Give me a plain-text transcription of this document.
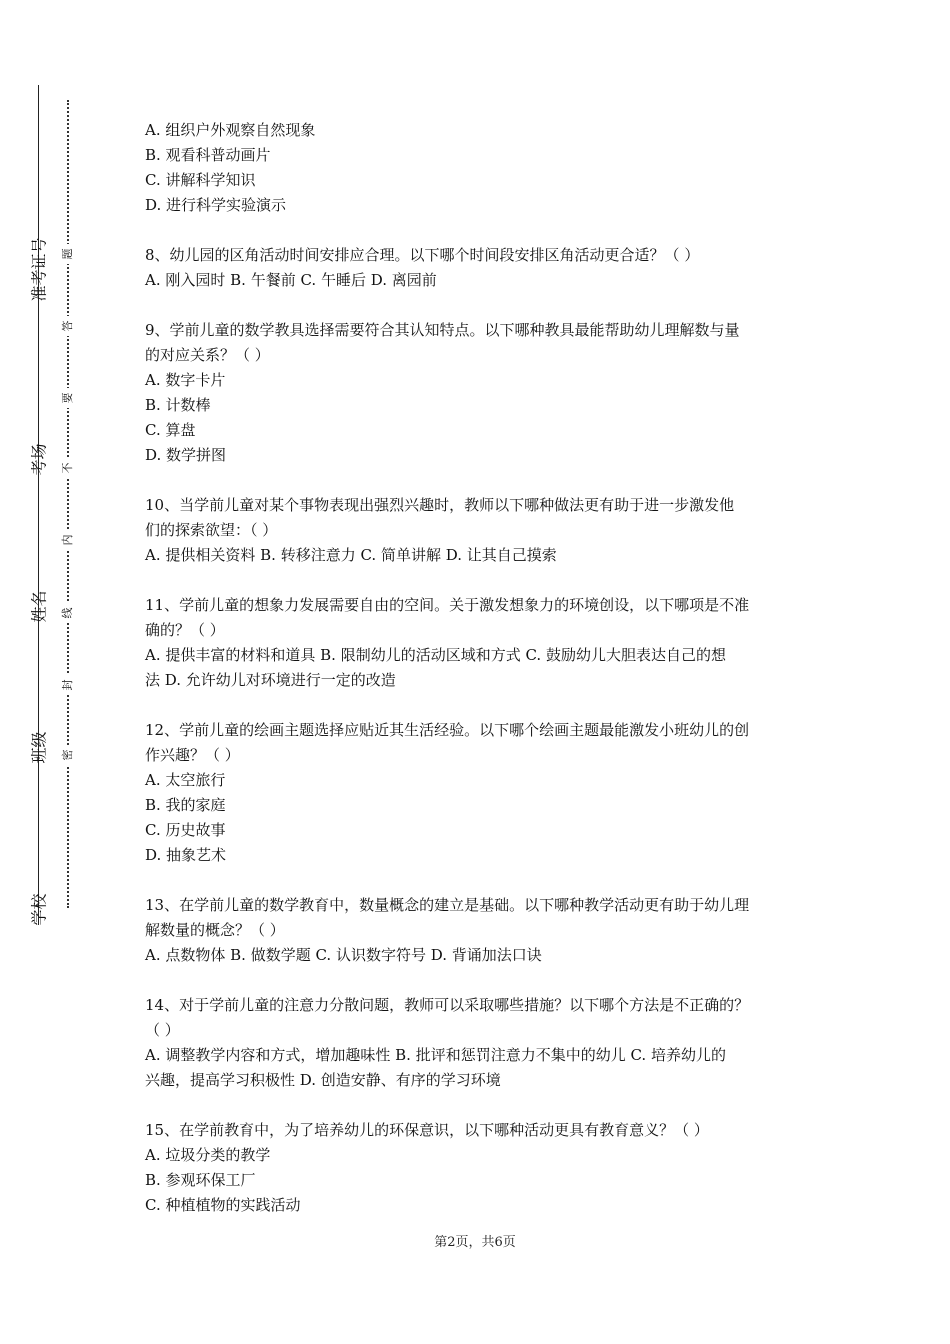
准考证号
考场
姓名
班级
学校
题
答
要
不
内
线
封
密

A. 组织户外观察自然现象

B. 观看科普动画片

C. 讲解科学知识

D. 进行科学实验演示

8、幼儿园的区角活动时间安排应合理。以下哪个时间段安排区角活动更合适？（ ）

A. 刚入园时 B. 午餐前 C. 午睡后 D. 离园前

9、学前儿童的数学教具选择需要符合其认知特点。以下哪种教具最能帮助幼儿理解数与量

的对应关系？（ ）

A. 数字卡片

B. 计数棒

C. 算盘

D. 数学拼图

10、当学前儿童对某个事物表现出强烈兴趣时，教师以下哪种做法更有助于进一步激发他

们的探索欲望：（ ）

A. 提供相关资料 B. 转移注意力 C. 简单讲解 D. 让其自己摸索

11、学前儿童的想象力发展需要自由的空间。关于激发想象力的环境创设，以下哪项是不准

确的？（ ）

A. 提供丰富的材料和道具 B. 限制幼儿的活动区域和方式 C. 鼓励幼儿大胆表达自己的想

法 D. 允许幼儿对环境进行一定的改造

12、学前儿童的绘画主题选择应贴近其生活经验。以下哪个绘画主题最能激发小班幼儿的创

作兴趣？（ ）

A. 太空旅行

B. 我的家庭

C. 历史故事

D. 抽象艺术

13、在学前儿童的数学教育中，数量概念的建立是基础。以下哪种教学活动更有助于幼儿理

解数量的概念？（ ）

A. 点数物体 B. 做数学题 C. 认识数字符号 D. 背诵加法口诀

14、对于学前儿童的注意力分散问题，教师可以采取哪些措施？以下哪个方法是不正确的？

（ ）

A. 调整教学内容和方式，增加趣味性 B. 批评和惩罚注意力不集中的幼儿 C. 培养幼儿的

兴趣，提高学习积极性 D. 创造安静、有序的学习环境

15、在学前教育中，为了培养幼儿的环保意识，以下哪种活动更具有教育意义？（ ）

A. 垃圾分类的教学

B. 参观环保工厂

C. 种植植物的实践活动

第2页，共6页
